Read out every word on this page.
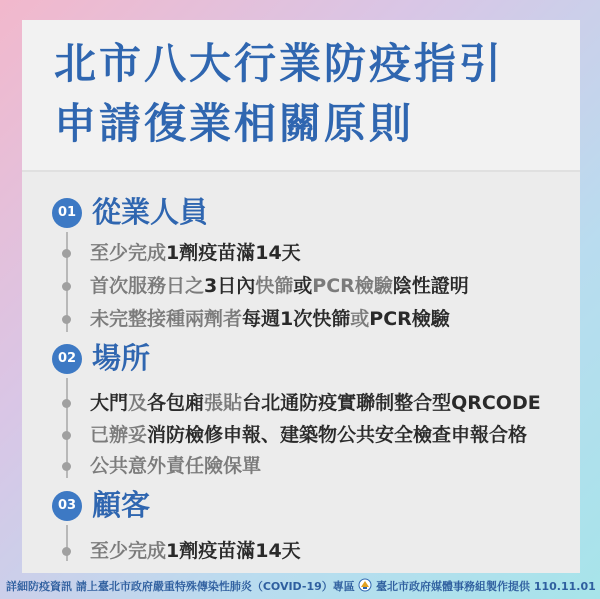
北市八大行業防疫指引
申請復業相關原則
01 從業人員
至少完成1劑疫苗滿14天
首次服務日之3日內快篩或PCR檢驗陰性證明
未完整接種兩劑者每週1次快篩或PCR檢驗
02 場所
大門及各包廂張貼台北通防疫實聯制整合型QRCODE
已辦妥消防檢修申報、建築物公共安全檢查申報合格
公共意外責任險保單
03 顧客
至少完成1劑疫苗滿14天
詳細防疫資訊 請上臺北市政府嚴重特殊傳染性肺炎（COVID-19）專區	臺北市政府媒體事務組製作提供 110.11.01
